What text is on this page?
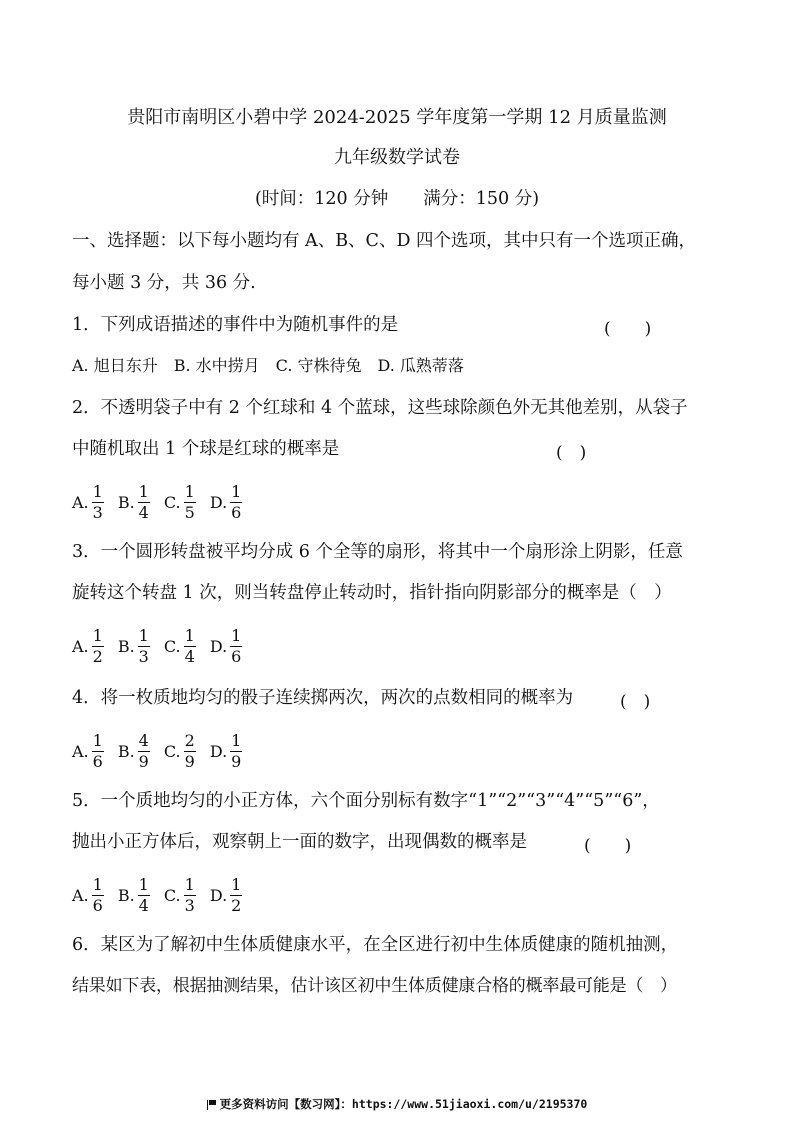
贵阳市南明区小碧中学 2024-2025 学年度第一学期 12 月质量监测
九年级数学试卷
(时间：120 分钟　　满分：150 分)
一、选择题：以下每小题均有 A、B、C、D 四个选项，其中只有一个选项正确，
每小题 3 分，共 36 分.
1．下列成语描述的事件中为随机事件的是	(　　)
A. 旭日东升　B. 水中捞月　C. 守株待兔　D. 瓜熟蒂落
2．不透明袋子中有 2 个红球和 4 个蓝球，这些球除颜色外无其他差别，从袋子
中随机取出 1 个球是红球的概率是	(　)
A. $\frac{1}{3} B$. $\frac{1}{4} C$. $\frac{1}{5} D$. $\frac{1}{6}$
3．一个圆形转盘被平均分成 6 个全等的扇形，将其中一个扇形涂上阴影，任意
旋转这个转盘 1 次，则当转盘停止转动时，指针指向阴影部分的概率是（　）
A. $\frac{1}{2} B$. $\frac{1}{3} C$. $\frac{1}{4} D$. $\frac{1}{6}$
4．将一枚质地均匀的骰子连续掷两次，两次的点数相同的概率为	(　)
A. $\frac{1}{6} B$. $\frac{4}{9} C$. $\frac{2}{9} D$. $\frac{1}{9}$
5．一个质地均匀的小正方体，六个面分别标有数字“1”“2”“3”“4”“5”“6”，
抛出小正方体后，观察朝上一面的数字，出现偶数的概率是	(　　)
A. $\frac{1}{6} B$. $\frac{1}{4} C$. $\frac{1}{3} D$. $\frac{1}{2}$
6．某区为了解初中生体质健康水平，在全区进行初中生体质健康的随机抽测，
结果如下表，根据抽测结果，估计该区初中生体质健康合格的概率最可能是（　）
更多资料访问【数习网】：https://www.51jiaoxi.com/u/2195370
